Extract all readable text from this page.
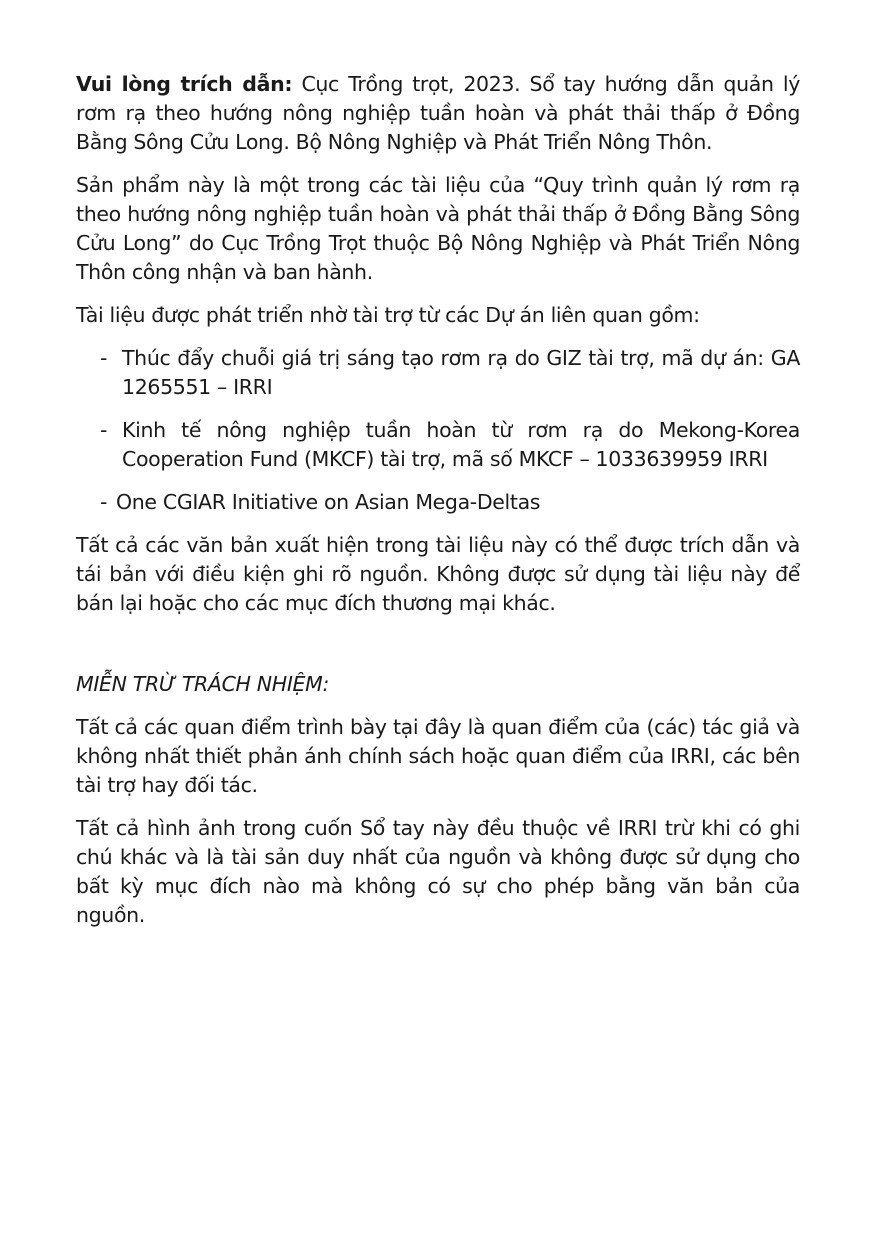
Vui lòng trích dẫn: Cục Trồng trọt, 2023. Sổ tay hướng dẫn quản lý rơm rạ theo hướng nông nghiệp tuần hoàn và phát thải thấp ở Đồng Bằng Sông Cửu Long. Bộ Nông Nghiệp và Phát Triển Nông Thôn.

Sản phẩm này là một trong các tài liệu của “Quy trình quản lý rơm rạ theo hướng nông nghiệp tuần hoàn và phát thải thấp ở Đồng Bằng Sông Cửu Long” do Cục Trồng Trọt thuộc Bộ Nông Nghiệp và Phát Triển Nông Thôn công nhận và ban hành.

Tài liệu được phát triển nhờ tài trợ từ các Dự án liên quan gồm:

- Thúc đẩy chuỗi giá trị sáng tạo rơm rạ do GIZ tài trợ, mã dự án: GA 1265551 – IRRI
- Kinh tế nông nghiệp tuần hoàn từ rơm rạ do Mekong-Korea Cooperation Fund (MKCF) tài trợ, mã số MKCF – 1033639959 IRRI
- One CGIAR Initiative on Asian Mega-Deltas

Tất cả các văn bản xuất hiện trong tài liệu này có thể được trích dẫn và tái bản với điều kiện ghi rõ nguồn. Không được sử dụng tài liệu này để bán lại hoặc cho các mục đích thương mại khác.

MIỄN TRỪ TRÁCH NHIỆM:

Tất cả các quan điểm trình bày tại đây là quan điểm của (các) tác giả và không nhất thiết phản ánh chính sách hoặc quan điểm của IRRI, các bên tài trợ hay đối tác.

Tất cả hình ảnh trong cuốn Sổ tay này đều thuộc về IRRI trừ khi có ghi chú khác và là tài sản duy nhất của nguồn và không được sử dụng cho bất kỳ mục đích nào mà không có sự cho phép bằng văn bản của nguồn.
